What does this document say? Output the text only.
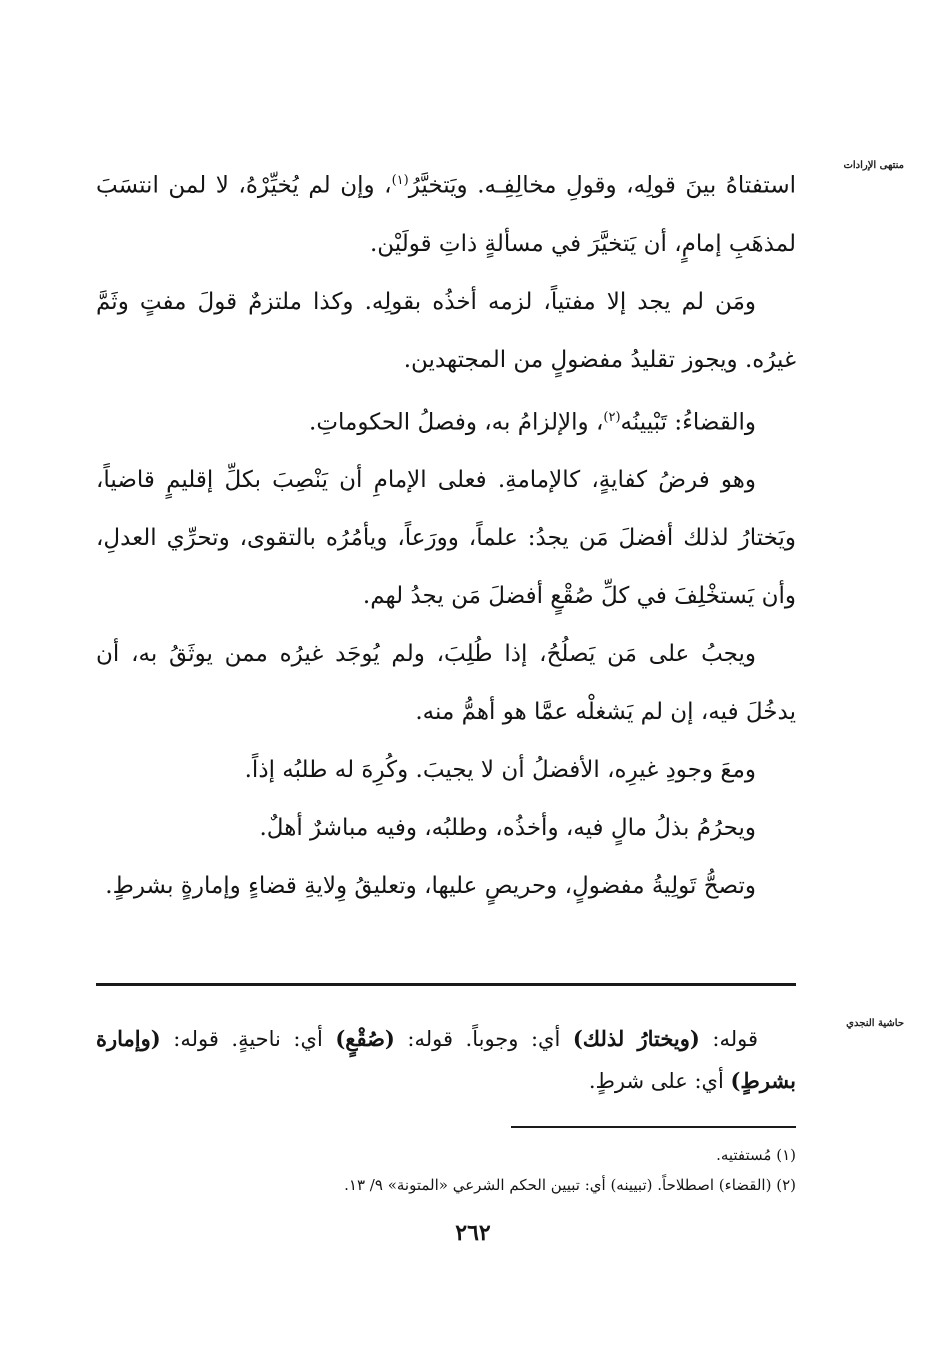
منتهى الإرادات
حاشية النجدي

استفتاهُ بينَ قولِه، وقولِ مخالِفِـه. ويَتخيَّرُ$^{(١)}$، وإن لم يُخيِّرْهُ، لا لمن انتسَبَ لمذهَبِ إمامٍ، أن يَتخيَّرَ في مسألةٍ ذاتِ قولَيْن.

ومَن لم يجد إلا مفتياً، لزمه أخذُه بقولِه. وكذا ملتزمٌ قولَ مفتٍ وثَمَّ غيرُه. ويجوز تقليدُ مفضولٍ من المجتهدين.

والقضاءُ: تَبْيينُه$^{(٢)}$، والإلزامُ به، وفصلُ الحكوماتِ.

وهو فرضُ كفايةٍ، كالإمامةِ. فعلى الإمامِ أن يَنْصِبَ بكلِّ إقليمٍ قاضياً، ويَختارُ لذلك أفضلَ مَن يجدُ: علماً، وورَعاً، ويأمُرُه بالتقوى، وتحرِّي العدلِ، وأن يَستخْلِفَ في كلِّ صُقْعٍ أفضلَ مَن يجدُ لهم.

ويجبُ على مَن يَصلُحُ، إذا طُلِبَ، ولم يُوجَد غيرُه ممن يوثَقُ به، أن يدخُلَ فيه، إن لم يَشغلْه عمَّا هو أهمُّ منه.

ومعَ وجودِ غيرِه، الأفضلُ أن لا يجيبَ. وكُرِهَ له طلبُه إذاً.

ويحرُمُ بذلُ مالٍ فيه، وأخذُه، وطلبُه، وفيه مباشرٌ أهلٌ.

وتصحُّ تَولِيةُ مفضولٍ، وحريصٍ عليها، وتعليقُ وِلايةِ قضاءٍ وإمارةٍ بشرطٍ.

قوله: (ويختارُ لذلك) أي: وجوباً. قوله: (صُقْعٍ) أي: ناحيةٍ. قوله: (وإمارة بشرطٍ) أي: على شرطٍ.
(١) مُستفتيه.
(٢) (القضاء) اصطلاحاً. (تبيينه) أي: تبيين الحكم الشرعي «المتونة» ٩/ ١٣.
٢٦٢
